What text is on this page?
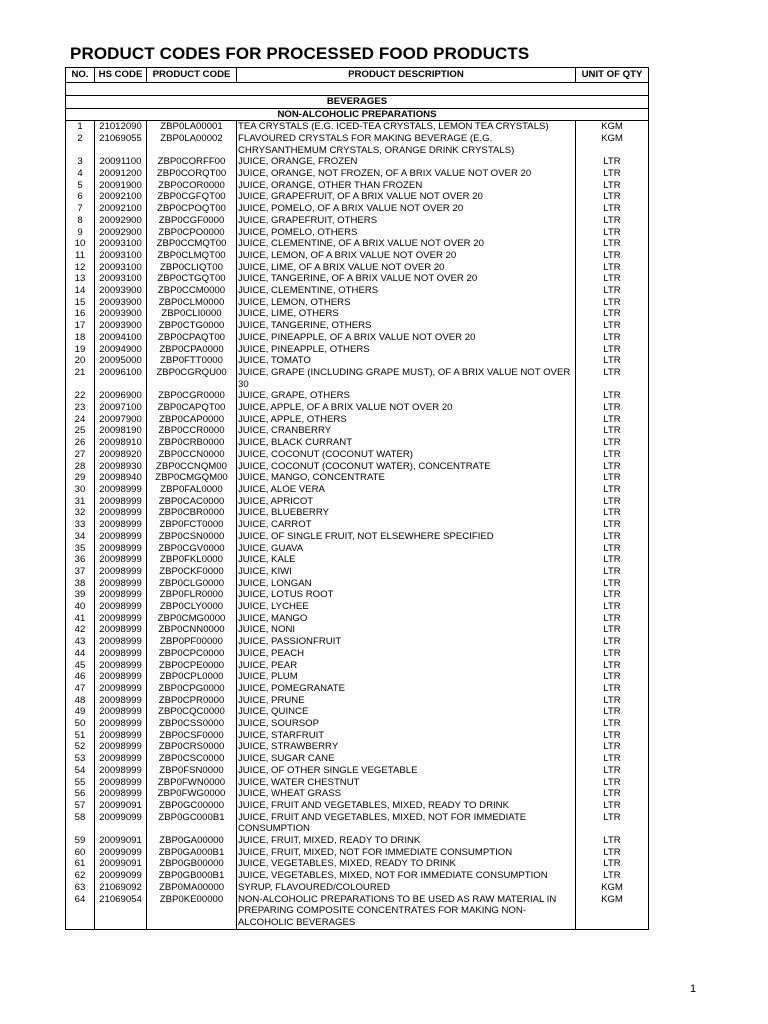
PRODUCT CODES FOR PROCESSED FOOD PRODUCTS
NO.	HS CODE	PRODUCT CODE	PRODUCT DESCRIPTION	UNIT OF QTY

BEVERAGES				
NON-ALCOHOLIC PREPARATIONS				
1	21012090	ZBP0LA00001	TEA CRYSTALS (E.G. ICED-TEA CRYSTALS, LEMON TEA CRYSTALS)	KGM
2	21069055	ZBP0LA00002	FLAVOURED CRYSTALS FOR MAKING BEVERAGE (E.G. CHRYSANTHEMUM CRYSTALS, ORANGE DRINK CRYSTALS)	KGM
3	20091100	ZBP0CORFF00	JUICE, ORANGE, FROZEN	LTR
4	20091200	ZBP0CORQT00	JUICE, ORANGE, NOT FROZEN, OF A BRIX VALUE NOT OVER 20	LTR
5	20091900	ZBP0COR0000	JUICE, ORANGE, OTHER THAN FROZEN	LTR
6	20092100	ZBP0CGFQT00	JUICE, GRAPEFRUIT, OF A BRIX VALUE NOT OVER 20	LTR
7	20092100	ZBP0CPOQT00	JUICE, POMELO, OF A BRIX VALUE NOT OVER 20	LTR
8	20092900	ZBP0CGF0000	JUICE, GRAPEFRUIT, OTHERS	LTR
9	20092900	ZBP0CPO0000	JUICE, POMELO, OTHERS	LTR
10	20093100	ZBP0CCMQT00	JUICE, CLEMENTINE, OF A BRIX VALUE NOT OVER 20	LTR
11	20093100	ZBP0CLMQT00	JUICE, LEMON, OF A BRIX VALUE NOT OVER 20	LTR
12	20093100	ZBP0CLIQT00	JUICE, LIME, OF A BRIX VALUE NOT OVER 20	LTR
13	20093100	ZBP0CTGQT00	JUICE, TANGERINE, OF A BRIX VALUE NOT OVER 20	LTR
14	20093900	ZBP0CCM0000	JUICE, CLEMENTINE, OTHERS	LTR
15	20093900	ZBP0CLM0000	JUICE, LEMON, OTHERS	LTR
16	20093900	ZBP0CLI0000	JUICE, LIME, OTHERS	LTR
17	20093900	ZBP0CTG0000	JUICE, TANGERINE, OTHERS	LTR
18	20094100	ZBP0CPAQT00	JUICE, PINEAPPLE, OF A BRIX VALUE NOT OVER 20	LTR
19	20094900	ZBP0CPA0000	JUICE, PINEAPPLE, OTHERS	LTR
20	20095000	ZBP0FTT0000	JUICE, TOMATO	LTR
21	20096100	ZBP0CGRQU00	JUICE, GRAPE (INCLUDING GRAPE MUST), OF A BRIX VALUE NOT OVER 30	LTR
22	20096900	ZBP0CGR0000	JUICE, GRAPE, OTHERS	LTR
23	20097100	ZBP0CAPQT00	JUICE, APPLE, OF A BRIX VALUE NOT OVER 20	LTR
24	20097900	ZBP0CAP0000	JUICE, APPLE, OTHERS	LTR
25	20098190	ZBP0CCR0000	JUICE, CRANBERRY	LTR
26	20098910	ZBP0CRB0000	JUICE, BLACK CURRANT	LTR
27	20098920	ZBP0CCN0000	JUICE, COCONUT (COCONUT WATER)	LTR
28	20098930	ZBP0CCNQM00	JUICE, COCONUT (COCONUT WATER), CONCENTRATE	LTR
29	20098940	ZBP0CMGQM00	JUICE, MANGO, CONCENTRATE	LTR
30	20098999	ZBP0FAL0000	JUICE, ALOE VERA	LTR
31	20098999	ZBP0CAC0000	JUICE, APRICOT	LTR
32	20098999	ZBP0CBR0000	JUICE, BLUEBERRY	LTR
33	20098999	ZBP0FCT0000	JUICE, CARROT	LTR
34	20098999	ZBP0CSN0000	JUICE, OF SINGLE FRUIT, NOT ELSEWHERE SPECIFIED	LTR
35	20098999	ZBP0CGV0000	JUICE, GUAVA	LTR
36	20098999	ZBP0FKL0000	JUICE, KALE	LTR
37	20098999	ZBP0CKF0000	JUICE, KIWI	LTR
38	20098999	ZBP0CLG0000	JUICE, LONGAN	LTR
39	20098999	ZBP0FLR0000	JUICE, LOTUS ROOT	LTR
40	20098999	ZBP0CLY0000	JUICE, LYCHEE	LTR
41	20098999	ZBP0CMG0000	JUICE, MANGO	LTR
42	20098999	ZBP0CNN0000	JUICE, NONI	LTR
43	20098999	ZBP0PF00000	JUICE, PASSIONFRUIT	LTR
44	20098999	ZBP0CPC0000	JUICE, PEACH	LTR
45	20098999	ZBP0CPE0000	JUICE, PEAR	LTR
46	20098999	ZBP0CPL0000	JUICE, PLUM	LTR
47	20098999	ZBP0CPG0000	JUICE, POMEGRANATE	LTR
48	20098999	ZBP0CPR0000	JUICE, PRUNE	LTR
49	20098999	ZBP0CQC0000	JUICE, QUINCE	LTR
50	20098999	ZBP0CSS0000	JUICE, SOURSOP	LTR
51	20098999	ZBP0CSF0000	JUICE, STARFRUIT	LTR
52	20098999	ZBP0CRS0000	JUICE, STRAWBERRY	LTR
53	20098999	ZBP0CSC0000	JUICE, SUGAR CANE	LTR
54	20098999	ZBP0FSN0000	JUICE, OF OTHER SINGLE VEGETABLE	LTR
55	20098999	ZBP0FWN0000	JUICE, WATER CHESTNUT	LTR
56	20098999	ZBP0FWG0000	JUICE, WHEAT GRASS	LTR
57	20099091	ZBP0GC00000	JUICE, FRUIT AND VEGETABLES, MIXED, READY TO DRINK	LTR
58	20099099	ZBP0GC000B1	JUICE, FRUIT AND VEGETABLES, MIXED, NOT FOR IMMEDIATE CONSUMPTION	LTR
59	20099091	ZBP0GA00000	JUICE, FRUIT, MIXED, READY TO DRINK	LTR
60	20099099	ZBP0GA000B1	JUICE, FRUIT, MIXED, NOT FOR IMMEDIATE CONSUMPTION	LTR
61	20099091	ZBP0GB00000	JUICE, VEGETABLES, MIXED, READY TO DRINK	LTR
62	20099099	ZBP0GB000B1	JUICE, VEGETABLES, MIXED, NOT FOR IMMEDIATE CONSUMPTION	LTR
63	21069092	ZBP0MA00000	SYRUP, FLAVOURED/COLOURED	KGM
64	21069054	ZBP0KE00000	NON-ALCOHOLIC PREPARATIONS TO BE USED AS RAW MATERIAL IN PREPARING COMPOSITE CONCENTRATES FOR MAKING NON-ALCOHOLIC BEVERAGES	KGM
1
